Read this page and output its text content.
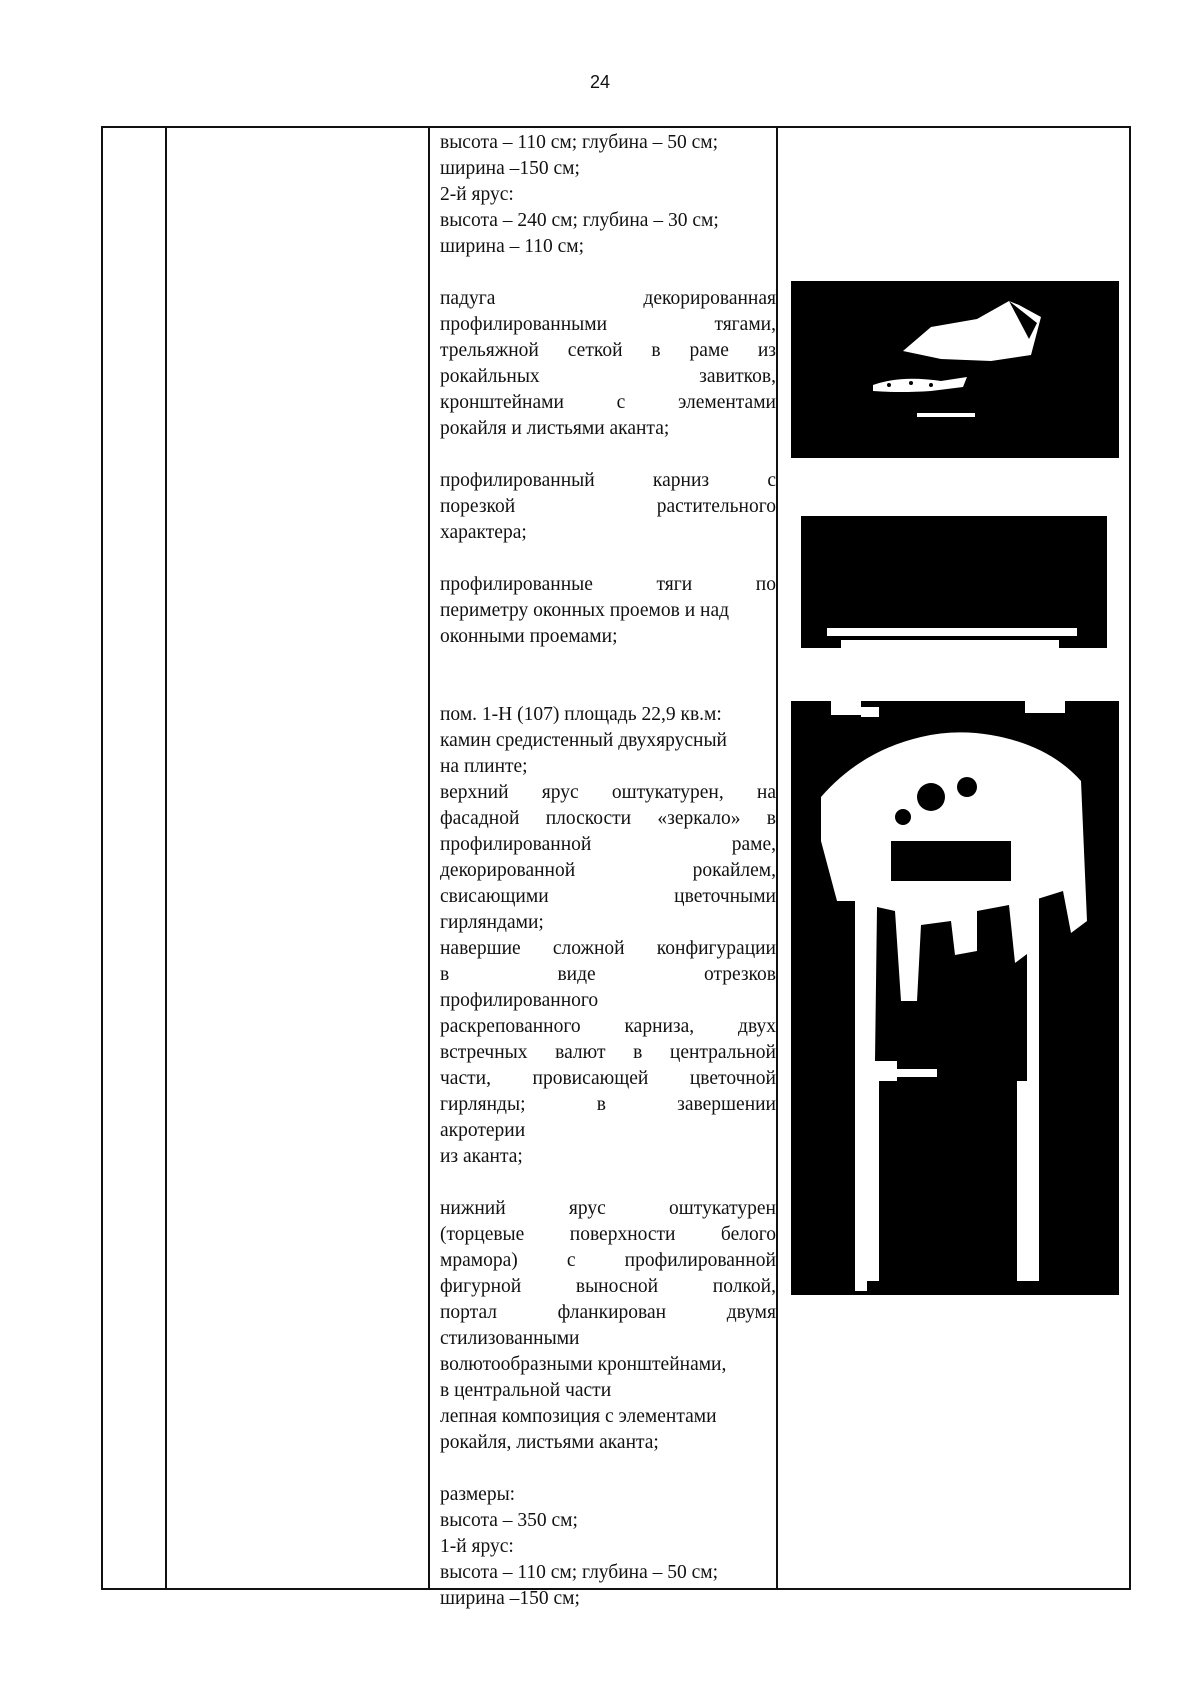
24
высота – 110 см; глубина – 50 см;
ширина –150 см;
2-й ярус:
высота – 240 см; глубина – 30 см;
ширина – 110 см;
падуга декорированная
профилированными тягами,
трельяжной сеткой в раме из
рокайльных завитков,
кронштейнами с элементами
рокайля и листьями аканта;
профилированный карниз с
порезкой растительного
характера;
профилированные тяги по
периметру оконных проемов и над
оконными проемами;
пом. 1-Н (107) площадь 22,9 кв.м:
камин средистенный двухярусный
на плинте;
верхний ярус оштукатурен, на
фасадной плоскости «зеркало» в
профилированной раме,
декорированной рокайлем,
свисающими цветочными
гирляндами;
навершие сложной конфигурации
в виде отрезков
профилированного
раскрепованного карниза, двух
встречных валют в центральной
части, провисающей цветочной
гирлянды; в завершении
акротерии
из аканта;
нижний ярус оштукатурен
(торцевые поверхности белого
мрамора) с профилированной
фигурной выносной полкой,
портал фланкирован двумя
стилизованными
волютообразными кронштейнами,
в центральной части
лепная композиция с элементами
рокайля, листьями аканта;
размеры:
высота – 350 см;
1-й ярус:
высота – 110 см; глубина – 50 см;
ширина –150 см;
